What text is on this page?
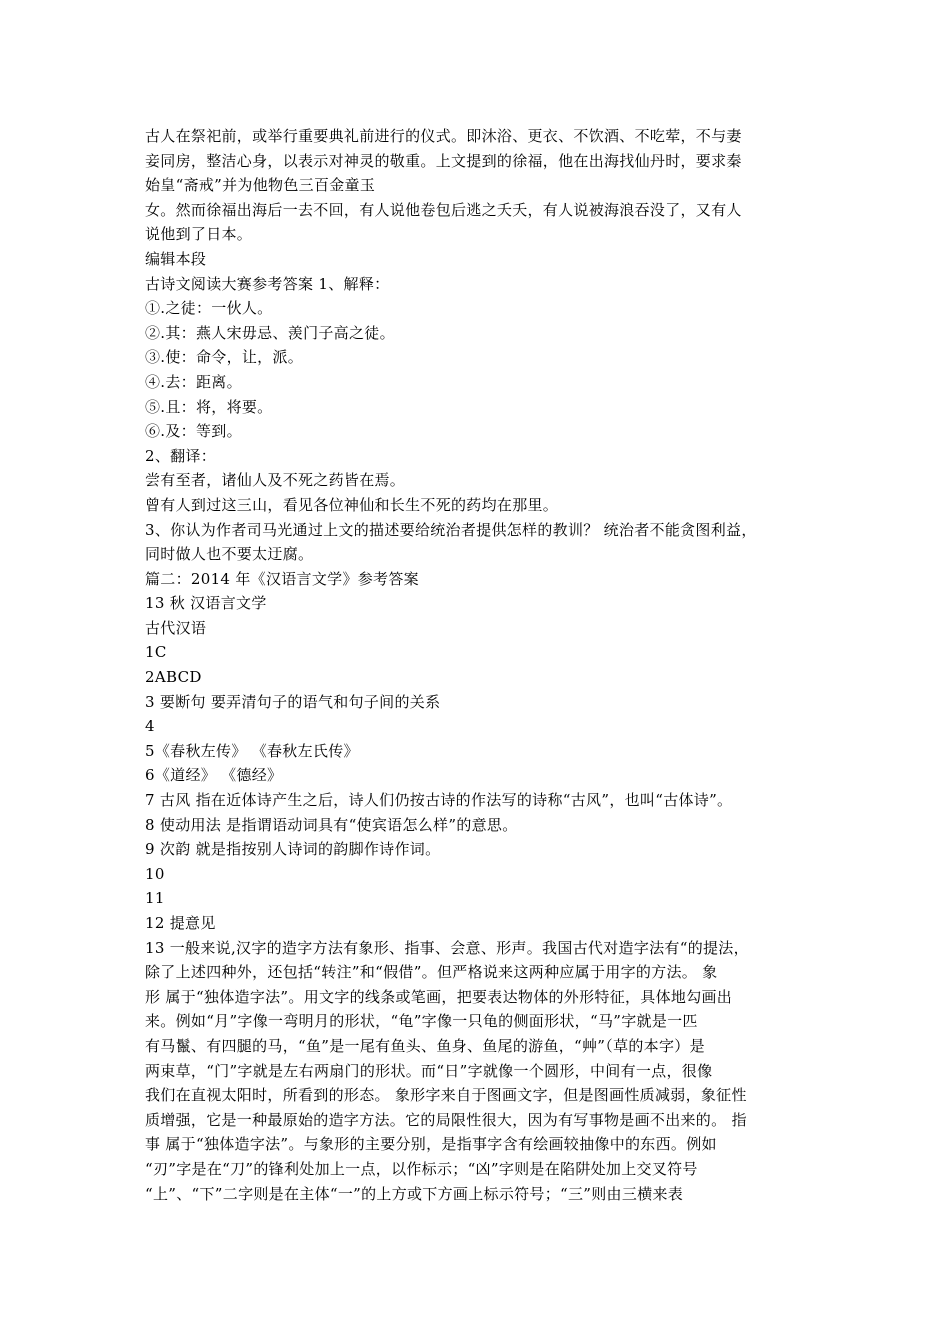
古人在祭祀前，或举行重要典礼前进行的仪式。即沐浴、更衣、不饮酒、不吃荤，不与妻
妾同房，整洁心身，以表示对神灵的敬重。上文提到的徐福，他在出海找仙丹时，要求秦
始皇“斋戒”并为他物色三百金童玉
女。然而徐福出海后一去不回，有人说他卷包后逃之夭夭，有人说被海浪吞没了，又有人
说他到了日本。
编辑本段
古诗文阅读大赛参考答案 1、解释：
①.之徒：一伙人。
②.其：燕人宋毋忌、羡门子高之徒。
③.使：命令，让，派。
④.去：距离。
⑤.且：将，将要。
⑥.及：等到。
2、翻译：
尝有至者，诸仙人及不死之药皆在焉。
曾有人到过这三山，看见各位神仙和长生不死的药均在那里。
3、你认为作者司马光通过上文的描述要给统治者提供怎样的教训？ 统治者不能贪图利益，
同时做人也不要太迂腐。
篇二：2014 年《汉语言文学》参考答案
13 秋 汉语言文学
古代汉语
1C
2ABCD
3 要断句 要弄清句子的语气和句子间的关系
4
5《春秋左传》 《春秋左氏传》
6《道经》 《德经》
7 古风 指在近体诗产生之后，诗人们仍按古诗的作法写的诗称“古风”，也叫“古体诗”。
8 使动用法 是指谓语动词具有“使宾语怎么样”的意思。
9 次韵 就是指按别人诗词的韵脚作诗作词。
10
11
12 提意见
13 一般来说,汉字的造字方法有象形、指事、会意、形声。我国古代对造字法有“的提法，
除了上述四种外，还包括“转注”和“假借”。但严格说来这两种应属于用字的方法。 象
形 属于“独体造字法”。用文字的线条或笔画，把要表达物体的外形特征，具体地勾画出
来。例如“月”字像一弯明月的形状，“龟”字像一只龟的侧面形状，“马”字就是一匹
有马鬣、有四腿的马，“鱼”是一尾有鱼头、鱼身、鱼尾的游鱼，“艸”（草的本字）是
两束草，“门”字就是左右两扇门的形状。而“日”字就像一个圆形，中间有一点，很像
我们在直视太阳时，所看到的形态。 象形字来自于图画文字，但是图画性质减弱，象征性
质增强，它是一种最原始的造字方法。它的局限性很大，因为有写事物是画不出来的。 指
事 属于“独体造字法”。与象形的主要分别，是指事字含有绘画较抽像中的东西。例如
“刃”字是在“刀”的锋利处加上一点，以作标示；“凶”字则是在陷阱处加上交叉符号
“上”、“下”二字则是在主体“一”的上方或下方画上标示符号；“三”则由三横来表
